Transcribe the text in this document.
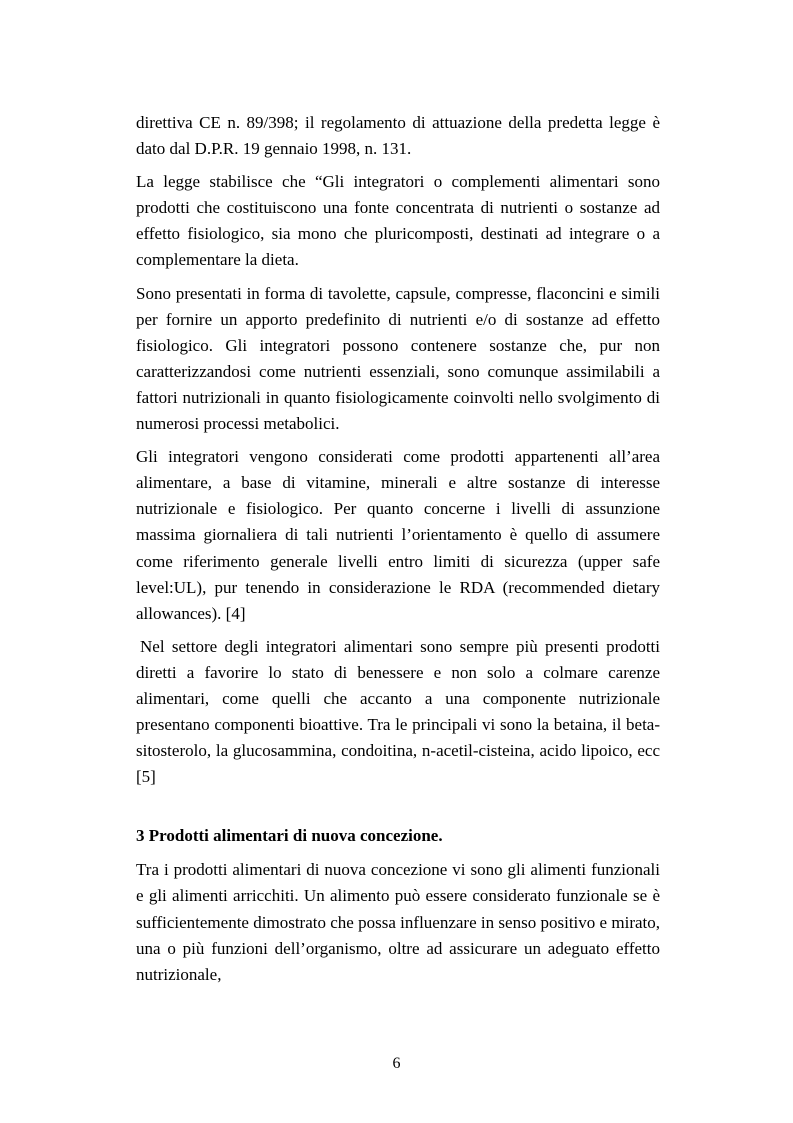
direttiva CE n. 89/398; il regolamento di attuazione della predetta legge è dato dal D.P.R. 19 gennaio 1998, n. 131.

La legge stabilisce che “Gli integratori o complementi alimentari sono prodotti che costituiscono una fonte concentrata di nutrienti o sostanze ad effetto fisiologico, sia mono che pluricomposti, destinati ad integrare o a complementare la dieta.

Sono presentati in forma di tavolette, capsule, compresse, flaconcini e simili per fornire un apporto predefinito di nutrienti e/o di sostanze ad effetto fisiologico. Gli integratori possono contenere sostanze che, pur non caratterizzandosi come nutrienti essenziali, sono comunque assimilabili a fattori nutrizionali in quanto fisiologicamente coinvolti nello svolgimento di numerosi processi metabolici.

Gli integratori vengono considerati come prodotti appartenenti all’area alimentare, a base di vitamine, minerali e altre sostanze di interesse nutrizionale e fisiologico. Per quanto concerne i livelli di assunzione massima giornaliera di tali nutrienti l’orientamento è quello di assumere come riferimento generale livelli entro limiti di sicurezza (upper safe level:UL), pur tenendo in considerazione le RDA (recommended dietary allowances). [4]

Nel settore degli integratori alimentari sono sempre più presenti prodotti diretti a favorire lo stato di benessere e non solo a colmare carenze alimentari, come quelli che accanto a una componente nutrizionale presentano componenti bioattive. Tra le principali vi sono la betaina, il beta-sitosterolo, la glucosammina, condoitina, n-acetil-cisteina, acido lipoico, ecc [5]

3 Prodotti alimentari di nuova concezione.

Tra i prodotti alimentari di nuova concezione vi sono gli alimenti funzionali e gli alimenti arricchiti. Un alimento può essere considerato funzionale se è sufficientemente dimostrato che possa influenzare in senso positivo e mirato, una o più funzioni dell’organismo, oltre ad assicurare un adeguato effetto nutrizionale,

6
